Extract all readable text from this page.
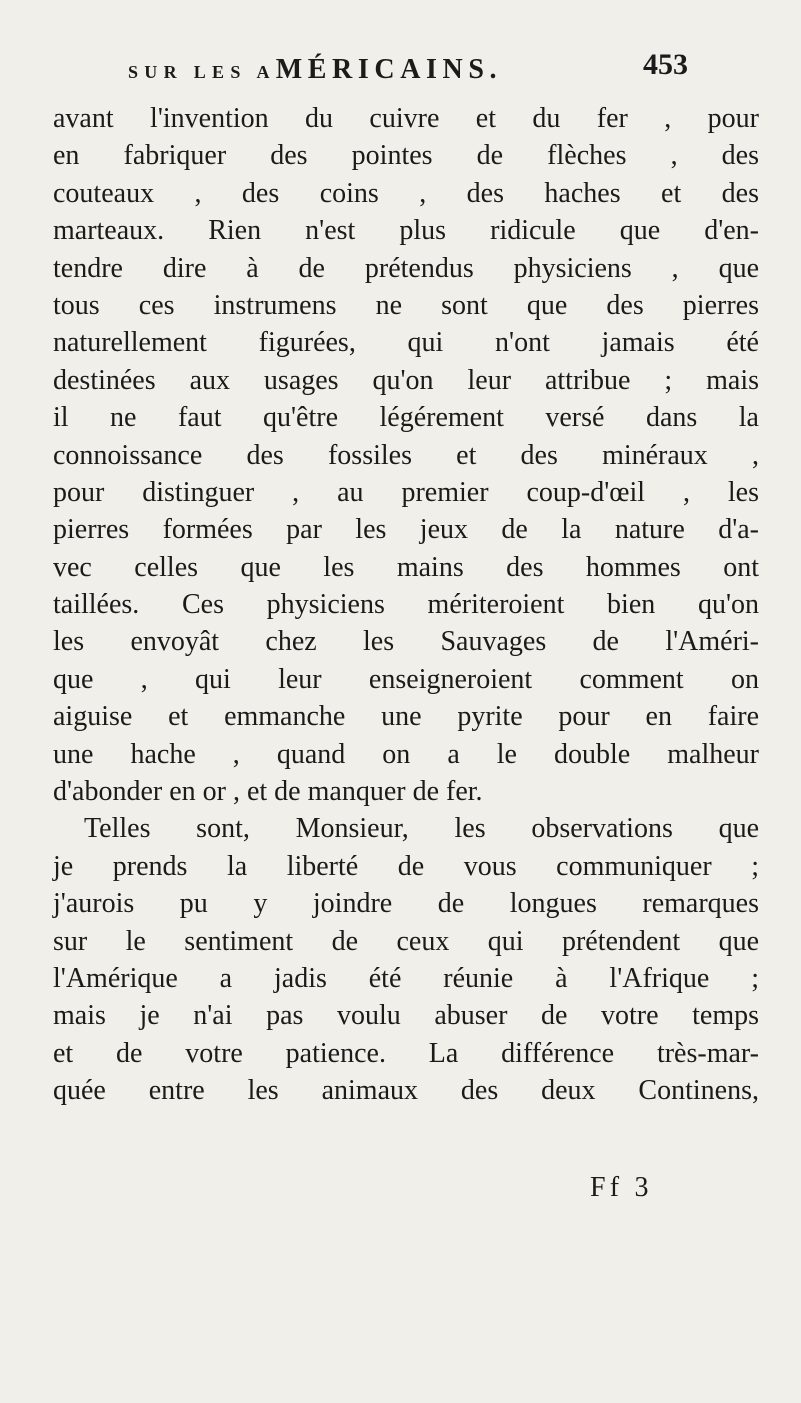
SUR LES AMÉRICAINS.	453
avant l'invention du cuivre et du fer , pour
en fabriquer des pointes de flèches , des
couteaux , des coins , des haches et des
marteaux. Rien n'est plus ridicule que d'en-
tendre dire à de prétendus physiciens , que
tous ces instrumens ne sont que des pierres
naturellement figurées, qui n'ont jamais été
destinées aux usages qu'on leur attribue ; mais
il ne faut qu'être légérement versé dans la
connoissance des fossiles et des minéraux ,
pour distinguer , au premier coup-d'œil , les
pierres formées par les jeux de la nature d'a-
vec celles que les mains des hommes ont
taillées. Ces physiciens mériteroient bien qu'on
les envoyât chez les Sauvages de l'Améri-
que , qui leur enseigneroient comment on
aiguise et emmanche une pyrite pour en faire
une hache , quand on a le double malheur
d'abonder en or , et de manquer de fer.
Telles sont, Monsieur, les observations que
je prends la liberté de vous communiquer ;
j'aurois pu y joindre de longues remarques
sur le sentiment de ceux qui prétendent que
l'Amérique a jadis été réunie à l'Afrique ;
mais je n'ai pas voulu abuser de votre temps
et de votre patience. La différence très-mar-
quée entre les animaux des deux Continens,
Ff 3
